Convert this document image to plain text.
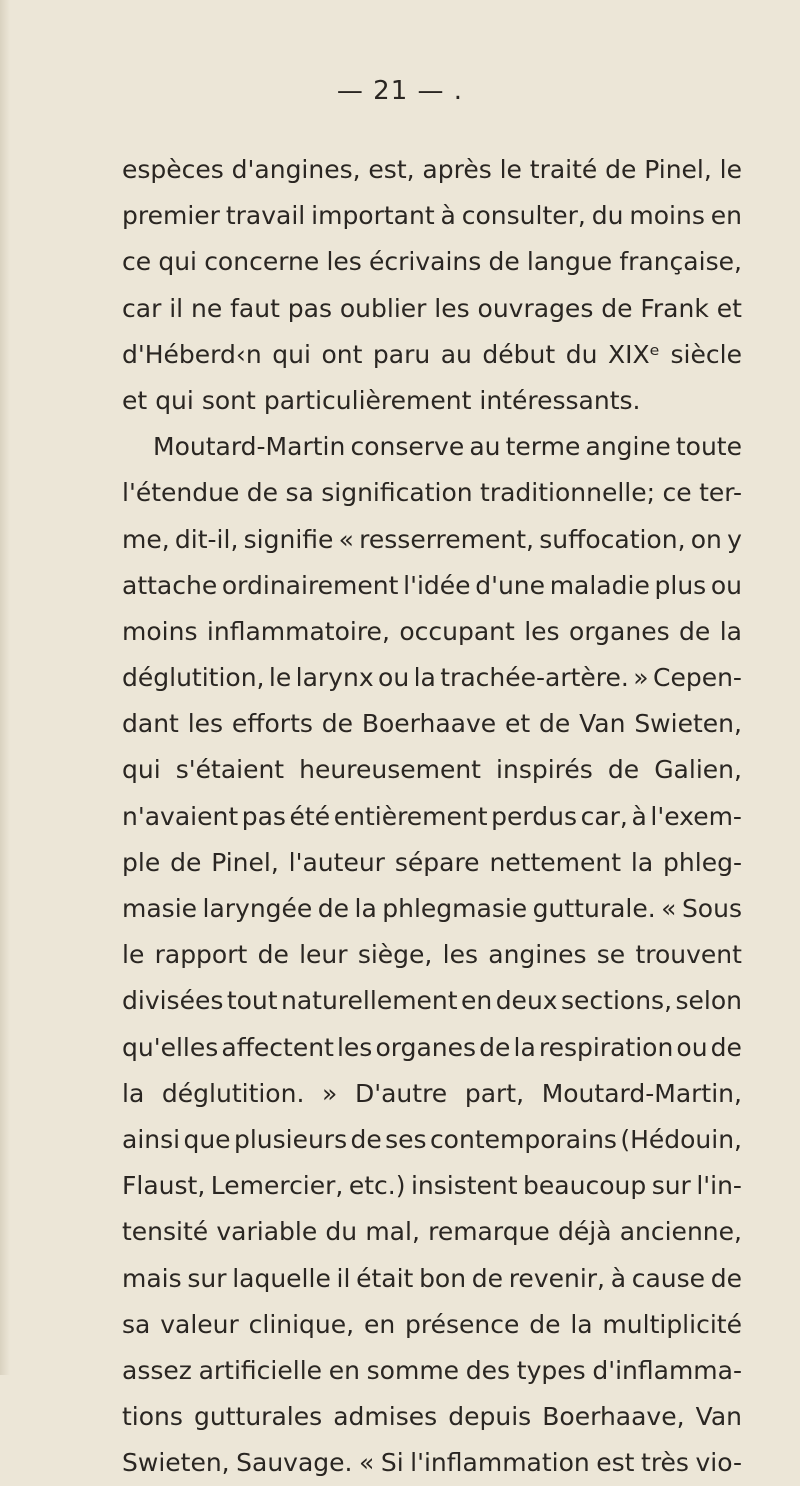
— 21 — .
espèces d'angines, est, après le traité de Pinel, le
premier travail important à consulter, du moins en
ce qui concerne les écrivains de langue française,
car il ne faut pas oublier les ouvrages de Frank et
d'Héberd‹n qui ont paru au début du XIXᵉ siècle
et qui sont particulièrement intéressants.
Moutard-Martin conserve au terme angine toute
l'étendue de sa signification traditionnelle; ce ter-
me, dit-il, signifie « resserrement, suffocation, on y
attache ordinairement l'idée d'une maladie plus ou
moins inflammatoire, occupant les organes de la
déglutition, le larynx ou la trachée-artère. » Cepen-
dant les efforts de Boerhaave et de Van Swieten,
qui s'étaient heureusement inspirés de Galien,
n'avaient pas été entièrement perdus car, à l'exem-
ple de Pinel, l'auteur sépare nettement la phleg-
masie laryngée de la phlegmasie gutturale. « Sous
le rapport de leur siège, les angines se trouvent
divisées tout naturellement en deux sections, selon
qu'elles affectent les organes de la respiration ou de
la déglutition. » D'autre part, Moutard-Martin,
ainsi que plusieurs de ses contemporains (Hédouin,
Flaust, Lemercier, etc.) insistent beaucoup sur l'in-
tensité variable du mal, remarque déjà ancienne,
mais sur laquelle il était bon de revenir, à cause de
sa valeur clinique, en présence de la multiplicité
assez artificielle en somme des types d'inflamma-
tions gutturales admises depuis Boerhaave, Van
Swieten, Sauvage. « Si l'inflammation est très vio-
